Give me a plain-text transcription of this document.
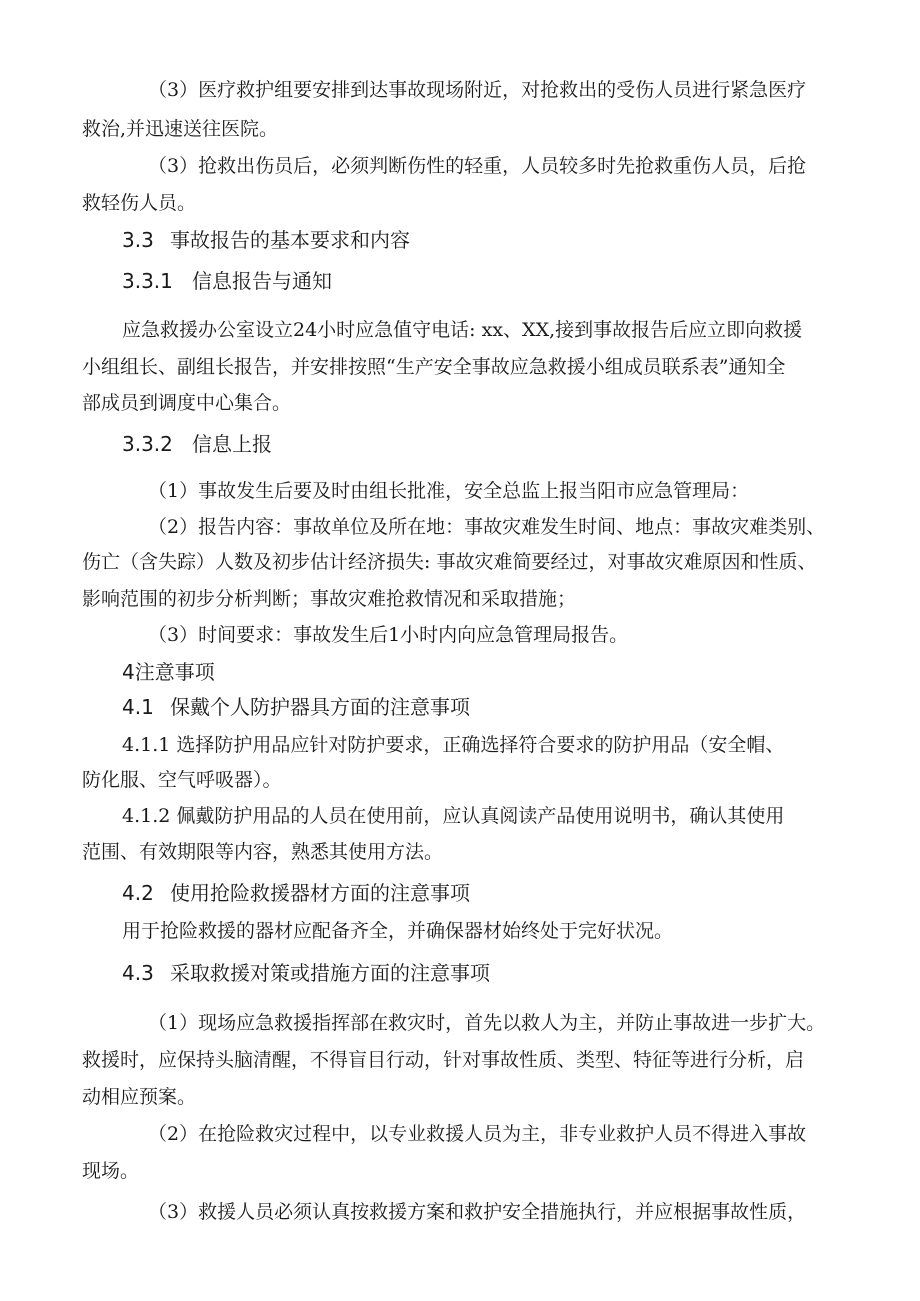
（3）医疗救护组要安排到达事故现场附近，对抢救出的受伤人员进行紧急医疗
救治,并迅速送往医院。
（3）抢救出伤员后，必须判断伤性的轻重，人员较多时先抢救重伤人员，后抢
救轻伤人员。
3.3 事故报告的基本要求和内容
3.3.1 信息报告与通知
应急救援办公室设立24小时应急值守电话: xx、XX,接到事故报告后应立即向救援
小组组长、副组长报告，并安排按照“生产安全事故应急救援小组成员联系表”通知全
部成员到调度中心集合。
3.3.2 信息上报
（1）事故发生后要及时由组长批准，安全总监上报当阳市应急管理局：
（2）报告内容：事故单位及所在地：事故灾难发生时间、地点：事故灾难类别、
伤亡（含失踪）人数及初步估计经济损失: 事故灾难简要经过，对事故灾难原因和性质、
影响范围的初步分析判断；事故灾难抢救情况和采取措施；
（3）时间要求：事故发生后1小时内向应急管理局报告。
4注意事项
4.1 保戴个人防护器具方面的注意事项
4.1.1 选择防护用品应针对防护要求，正确选择符合要求的防护用品（安全帽、
防化服、空气呼吸器）。
4.1.2 佩戴防护用品的人员在使用前，应认真阅读产品使用说明书，确认其使用
范围、有效期限等内容，熟悉其使用方法。
4.2 使用抢险救援器材方面的注意事项
用于抢险救援的器材应配备齐全，并确保器材始终处于完好状况。
4.3 采取救援对策或措施方面的注意事项
（1）现场应急救援指挥部在救灾时，首先以救人为主，并防止事故进一步扩大。
救援时，应保持头脑清醒，不得盲目行动，针对事故性质、类型、特征等进行分析，启
动相应预案。
（2）在抢险救灾过程中，以专业救援人员为主，非专业救护人员不得进入事故
现场。
（3）救援人员必须认真按救援方案和救护安全措施执行，并应根据事故性质，
